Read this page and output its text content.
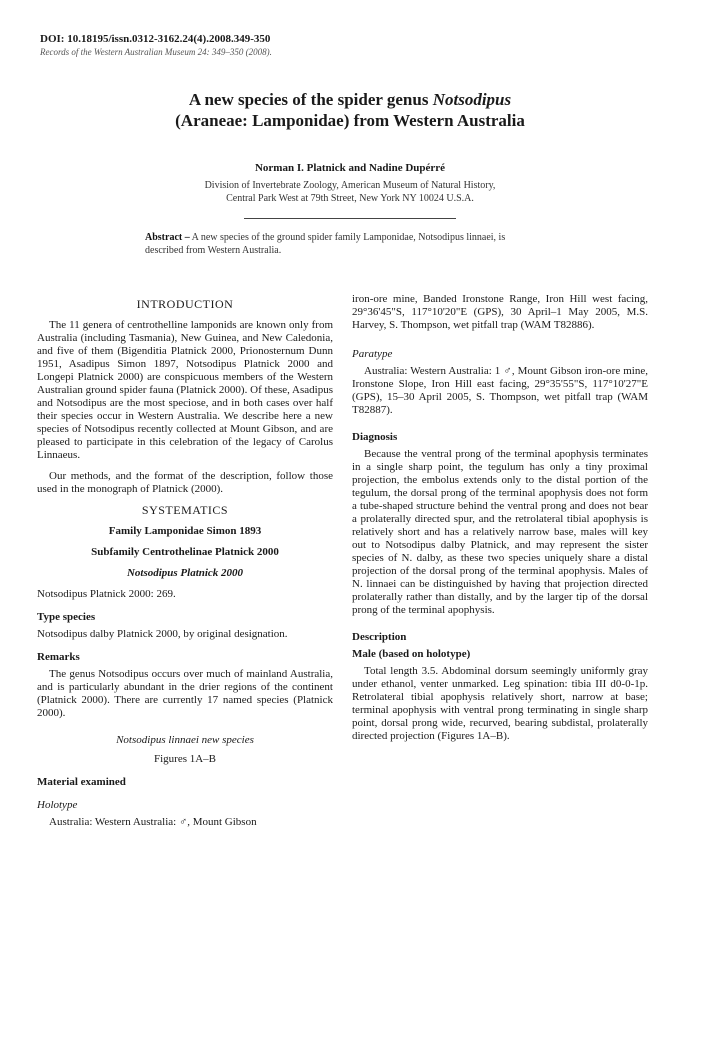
DOI: 10.18195/issn.0312-3162.24(4).2008.349-350
Records of the Western Australian Museum 24: 349–350 (2008).
A new species of the spider genus Notsodipus
(Araneae: Lamponidae) from Western Australia
Norman I. Platnick and Nadine Dupérré
Division of Invertebrate Zoology, American Museum of Natural History,
Central Park West at 79th Street, New York NY 10024 U.S.A.
Abstract – A new species of the ground spider family Lamponidae, Notsodipus linnaei, is described from Western Australia.
INTRODUCTION

The 11 genera of centrothelline lamponids are known only from Australia (including Tasmania), New Guinea, and New Caledonia, and five of them (Bigenditia Platnick 2000, Prionosternum Dunn 1951, Asadipus Simon 1897, Notsodipus Platnick 2000 and Longepi Platnick 2000) are conspicuous members of the Western Australian ground spider fauna (Platnick 2000). Of these, Asadipus and Notsodipus are the most speciose, and in both cases over half their species occur in Western Australia. We describe here a new species of Notsodipus recently collected at Mount Gibson, and are pleased to participate in this celebration of the legacy of Carolus Linnaeus.

Our methods, and the format of the description, follow those used in the monograph of Platnick (2000).

SYSTEMATICS
Family Lamponidae Simon 1893
Subfamily Centrothelinae Platnick 2000
Notsodipus Platnick 2000

Notsodipus Platnick 2000: 269.

Type species

Notsodipus dalby Platnick 2000, by original designation.

Remarks

The genus Notsodipus occurs over much of mainland Australia, and is particularly abundant in the drier regions of the continent (Platnick 2000). There are currently 17 named species (Platnick 2000).

Notsodipus linnaei new species
Figures 1A–B
Material examined
Holotype

Australia: Western Australia: ♂, Mount Gibson

iron-ore mine, Banded Ironstone Range, Iron Hill west facing, 29°36'45"S, 117°10'20"E (GPS), 30 April–1 May 2005, M.S. Harvey, S. Thompson, wet pitfall trap (WAM T82886).

Paratype

Australia: Western Australia: 1 ♂, Mount Gibson iron-ore mine, Ironstone Slope, Iron Hill east facing, 29°35'55"S, 117°10'27"E (GPS), 15–30 April 2005, S. Thompson, wet pitfall trap (WAM T82887).

Diagnosis

Because the ventral prong of the terminal apophysis terminates in a single sharp point, the tegulum has only a tiny proximal projection, the embolus extends only to the distal portion of the tegulum, the dorsal prong of the terminal apophysis does not form a tube-shaped structure behind the ventral prong and does not bear a prolaterally directed spur, and the retrolateral tibial apophysis is relatively short and has a relatively narrow base, males will key out to Notsodipus dalby Platnick, and may represent the sister species of N. dalby, as these two species uniquely share a distal projection of the dorsal prong of the terminal apophysis. Males of N. linnaei can be distinguished by having that projection directed prolaterally rather than distally, and by the larger tip of the dorsal prong of the terminal apophysis.

Description
Male (based on holotype)

Total length 3.5. Abdominal dorsum seemingly uniformly gray under ethanol, venter unmarked. Leg spination: tibia III d0-0-1p. Retrolateral tibial apophysis relatively short, narrow at base; terminal apophysis with ventral prong terminating in single sharp point, dorsal prong wide, recurved, bearing subdistal, prolaterally directed projection (Figures 1A–B).
